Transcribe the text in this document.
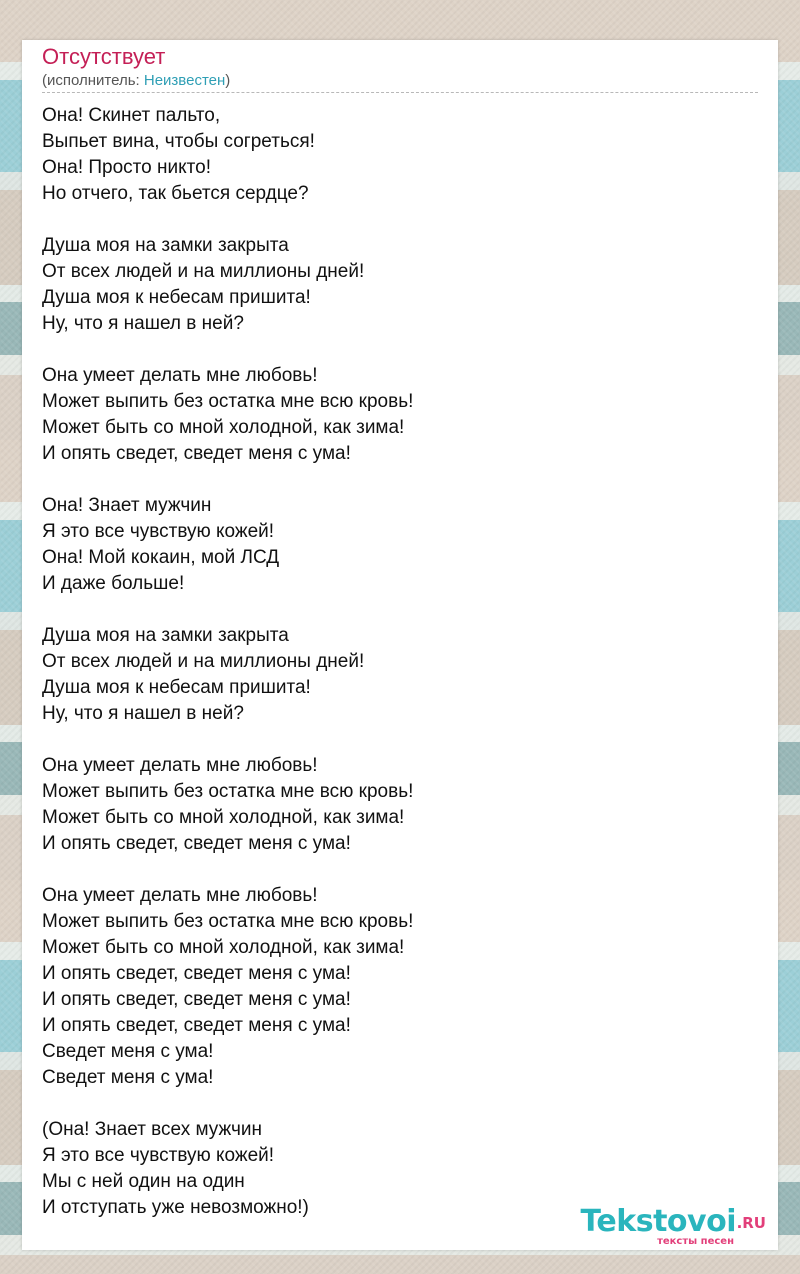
Отсутствует
(исполнитель: Неизвестен)
Она! Скинет пальто,
Выпьет вина, чтобы согреться!
Она! Просто никто!
Но отчего, так бьется сердце?
Душа моя на замки закрыта
От всех людей и на миллионы дней!
Душа моя к небесам пришита!
Ну, что я нашел в ней?
Она умеет делать мне любовь!
Может выпить без остатка мне всю кровь!
Может быть со мной холодной, как зима!
И опять сведет, сведет меня с ума!
Она! Знает мужчин
Я это все чувствую кожей!
Она! Мой кокаин, мой ЛСД
И даже больше!
Душа моя на замки закрыта
От всех людей и на миллионы дней!
Душа моя к небесам пришита!
Ну, что я нашел в ней?
Она умеет делать мне любовь!
Может выпить без остатка мне всю кровь!
Может быть со мной холодной, как зима!
И опять сведет, сведет меня с ума!
Она умеет делать мне любовь!
Может выпить без остатка мне всю кровь!
Может быть со мной холодной, как зима!
И опять сведет, сведет меня с ума!
И опять сведет, сведет меня с ума!
И опять сведет, сведет меня с ума!
Сведет меня с ума!
Сведет меня с ума!
(Она! Знает всех мужчин
Я это все чувствую кожей!
Мы с ней один на один
И отступать уже невозможно!)	Tekstovoi .RU
тексты песен
